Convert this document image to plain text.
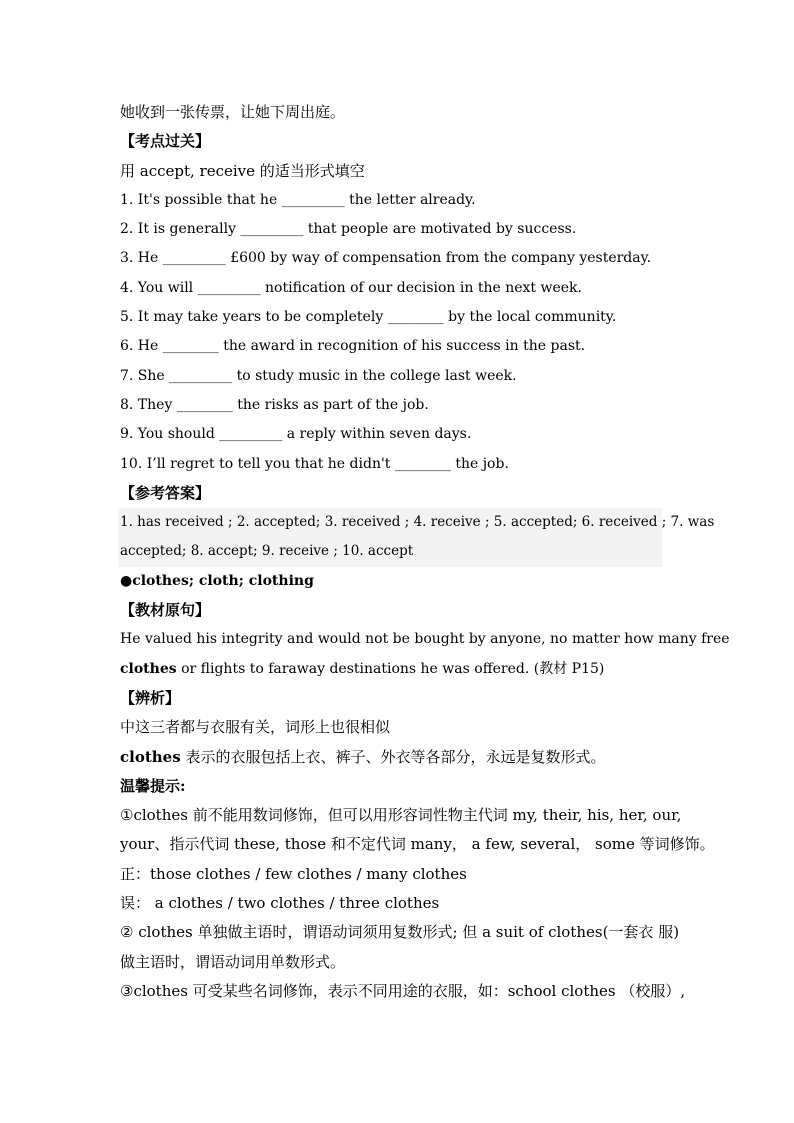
她收到一张传票，让她下周出庭。
【考点过关】
用 accept, receive 的适当形式填空
1. It's possible that he _________ the letter already.
2. It is generally _________ that people are motivated by success.
3. He _________ £600 by way of compensation from the company yesterday.
4. You will _________ notification of our decision in the next week.
5. It may take years to be completely ________ by the local community.
6. He ________ the award in recognition of his success in the past.
7. She _________ to study music in the college last week.
8. They ________ the risks as part of the job.
9. You should _________ a reply within seven days.
10. I’ll regret to tell you that he didn't ________ the job.
【参考答案】
1. has received ; 2. accepted; 3. received ; 4. receive ; 5. accepted; 6. received ; 7. was
accepted; 8. accept; 9. receive ; 10. accept
●clothes; cloth; clothing
【教材原句】
He valued his integrity and would not be bought by anyone, no matter how many free
clothes or flights to faraway destinations he was offered. (教材 P15)
【辨析】
中这三者都与衣服有关，词形上也很相似
clothes 表示的衣服包括上衣、裤子、外衣等各部分，永远是复数形式。
温馨提示:
①clothes 前不能用数词修饰，但可以用形容词性物主代词 my, their, his, her, our,
your、指示代词 these, those 和不定代词 many， a few, several， some 等词修饰。
正：those clothes / few clothes / many clothes
误： a clothes / two clothes / three clothes
② clothes 单独做主语时，谓语动词须用复数形式; 但 a suit of clothes(一套衣 服)
做主语时，谓语动词用单数形式。
③clothes 可受某些名词修饰，表示不同用途的衣服，如：school clothes （校服）,
